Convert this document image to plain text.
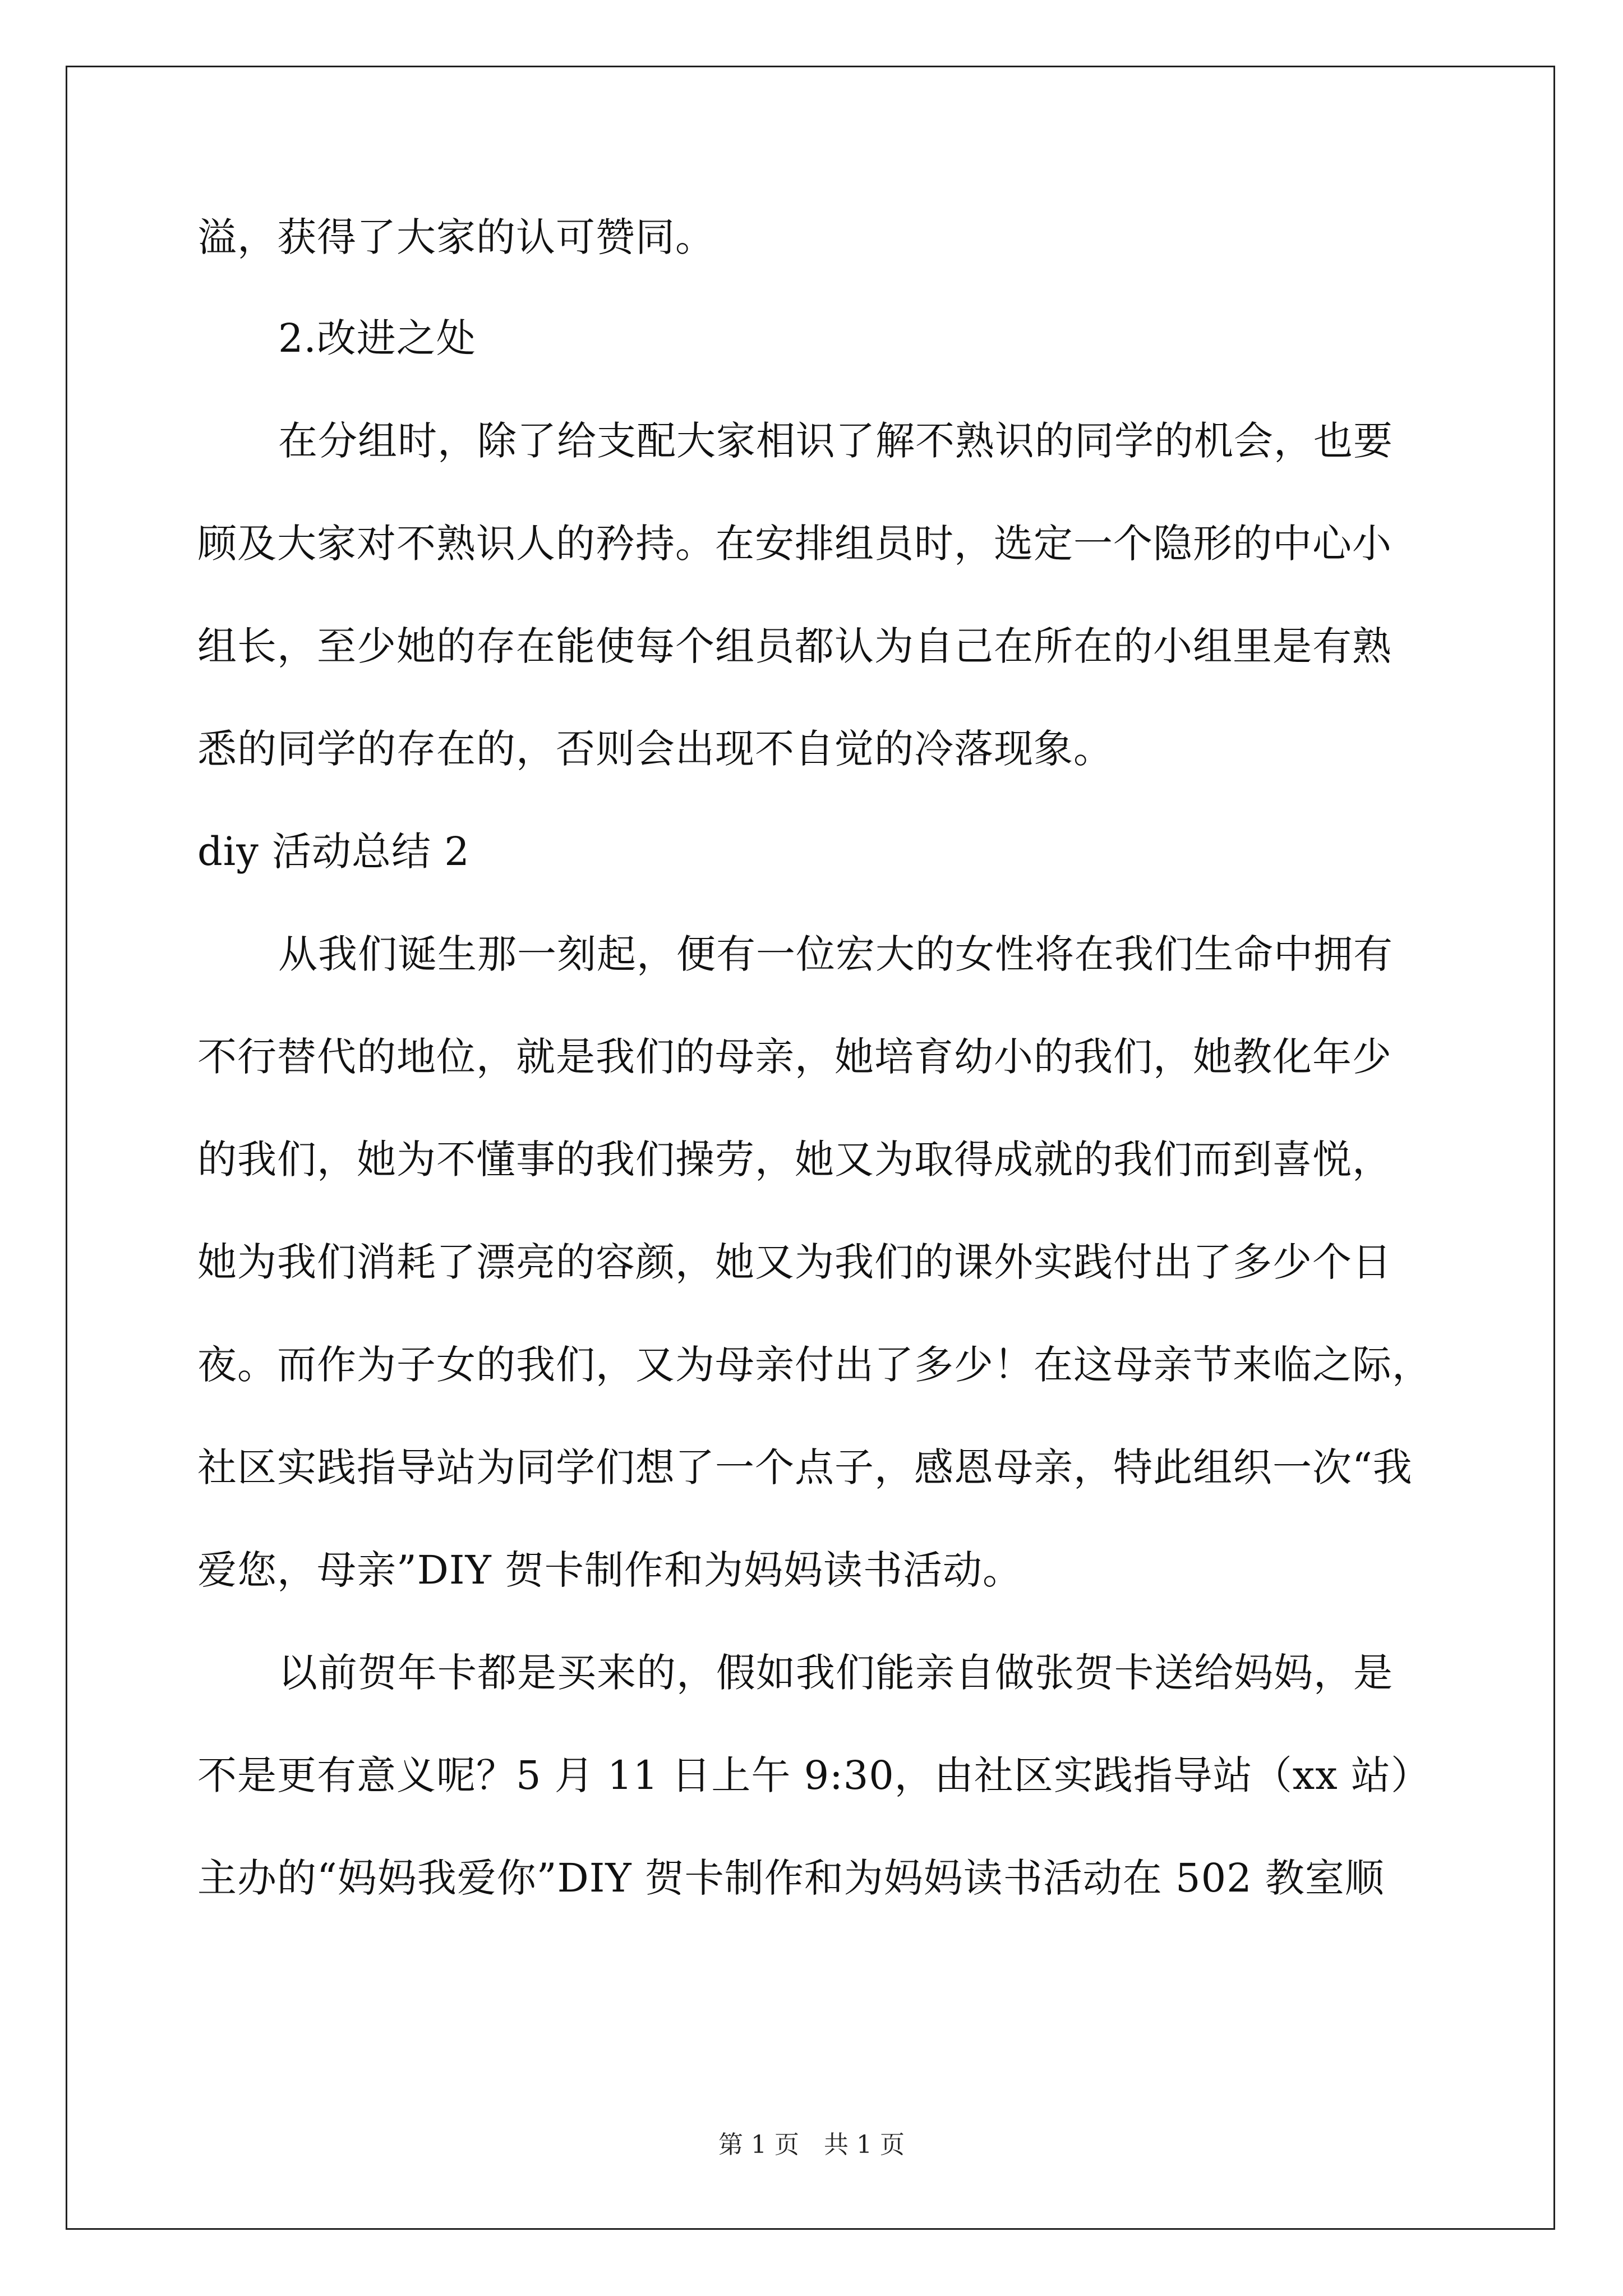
溢，获得了大家的认可赞同。
2.改进之处
在分组时，除了给支配大家相识了解不熟识的同学的机会，也要
顾及大家对不熟识人的矜持。在安排组员时，选定一个隐形的中心小
组长，至少她的存在能使每个组员都认为自己在所在的小组里是有熟
悉的同学的存在的，否则会出现不自觉的冷落现象。
diy 活动总结 2
从我们诞生那一刻起，便有一位宏大的女性将在我们生命中拥有
不行替代的地位，就是我们的母亲，她培育幼小的我们，她教化年少
的我们，她为不懂事的我们操劳，她又为取得成就的我们而到喜悦，
她为我们消耗了漂亮的容颜，她又为我们的课外实践付出了多少个日
夜。而作为子女的我们，又为母亲付出了多少！在这母亲节来临之际，
社区实践指导站为同学们想了一个点子，感恩母亲，特此组织一次“我
爱您，母亲”DIY 贺卡制作和为妈妈读书活动。
以前贺年卡都是买来的，假如我们能亲自做张贺卡送给妈妈，是
不是更有意义呢？5 月 11 日上午 9:30，由社区实践指导站（xx 站）
主办的“妈妈我爱你”DIY 贺卡制作和为妈妈读书活动在 502 教室顺
第 1 页　共 1 页
